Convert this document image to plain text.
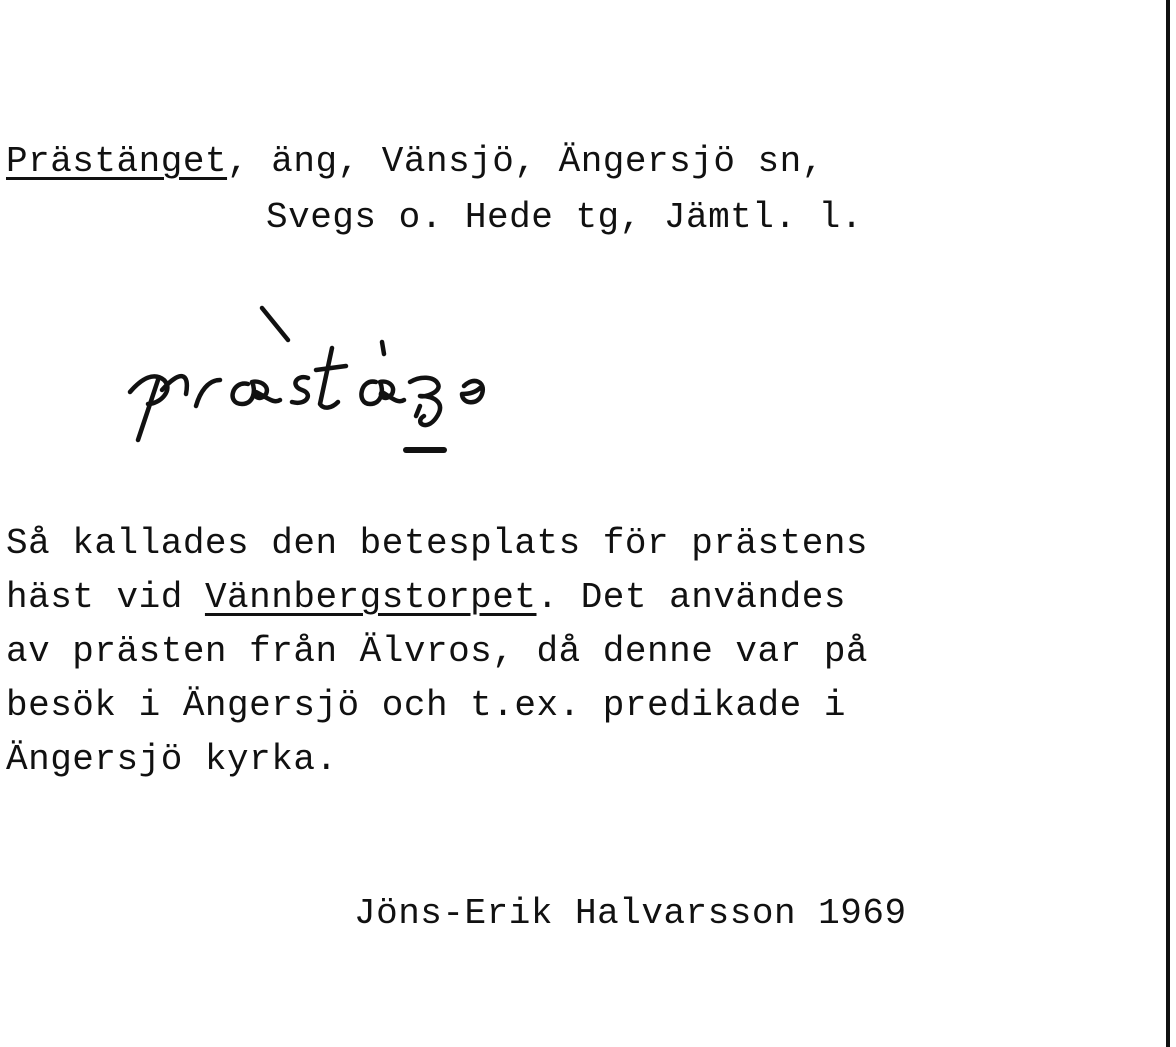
Prästänget, äng, Vänsjö, Ängersjö sn,
Svegs o. Hede tg, Jämtl. l.
Så kallades den betesplats för prästens
häst vid Vännbergstorpet. Det användes
av prästen från Älvros, då denne var på
besök i Ängersjö och t.ex. predikade i
Ängersjö kyrka.
Jöns-Erik Halvarsson 1969
